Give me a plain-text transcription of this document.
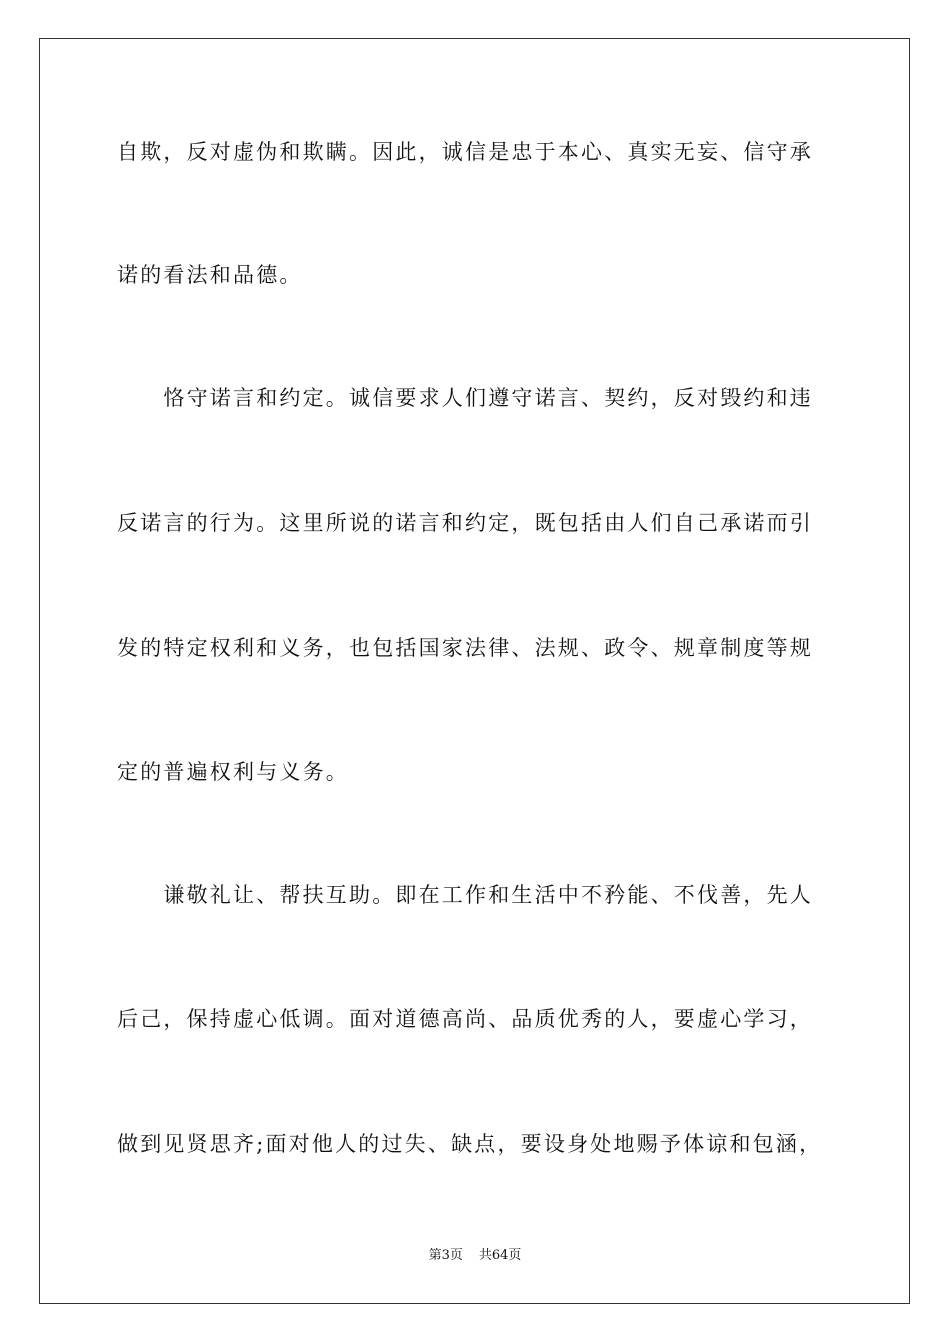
自欺，反对虚伪和欺瞒。因此，诚信是忠于本心、真实无妄、信守承

诺的看法和品德。

　　恪守诺言和约定。诚信要求人们遵守诺言、契约，反对毁约和违

反诺言的行为。这里所说的诺言和约定，既包括由人们自己承诺而引

发的特定权利和义务，也包括国家法律、法规、政令、规章制度等规

定的普遍权利与义务。

　　谦敬礼让、帮扶互助。即在工作和生活中不矜能、不伐善，先人

后己，保持虚心低调。面对道德高尚、品质优秀的人，要虚心学习，

做到见贤思齐;面对他人的过失、缺点，要设身处地赐予体谅和包涵，

第3页 共64页
